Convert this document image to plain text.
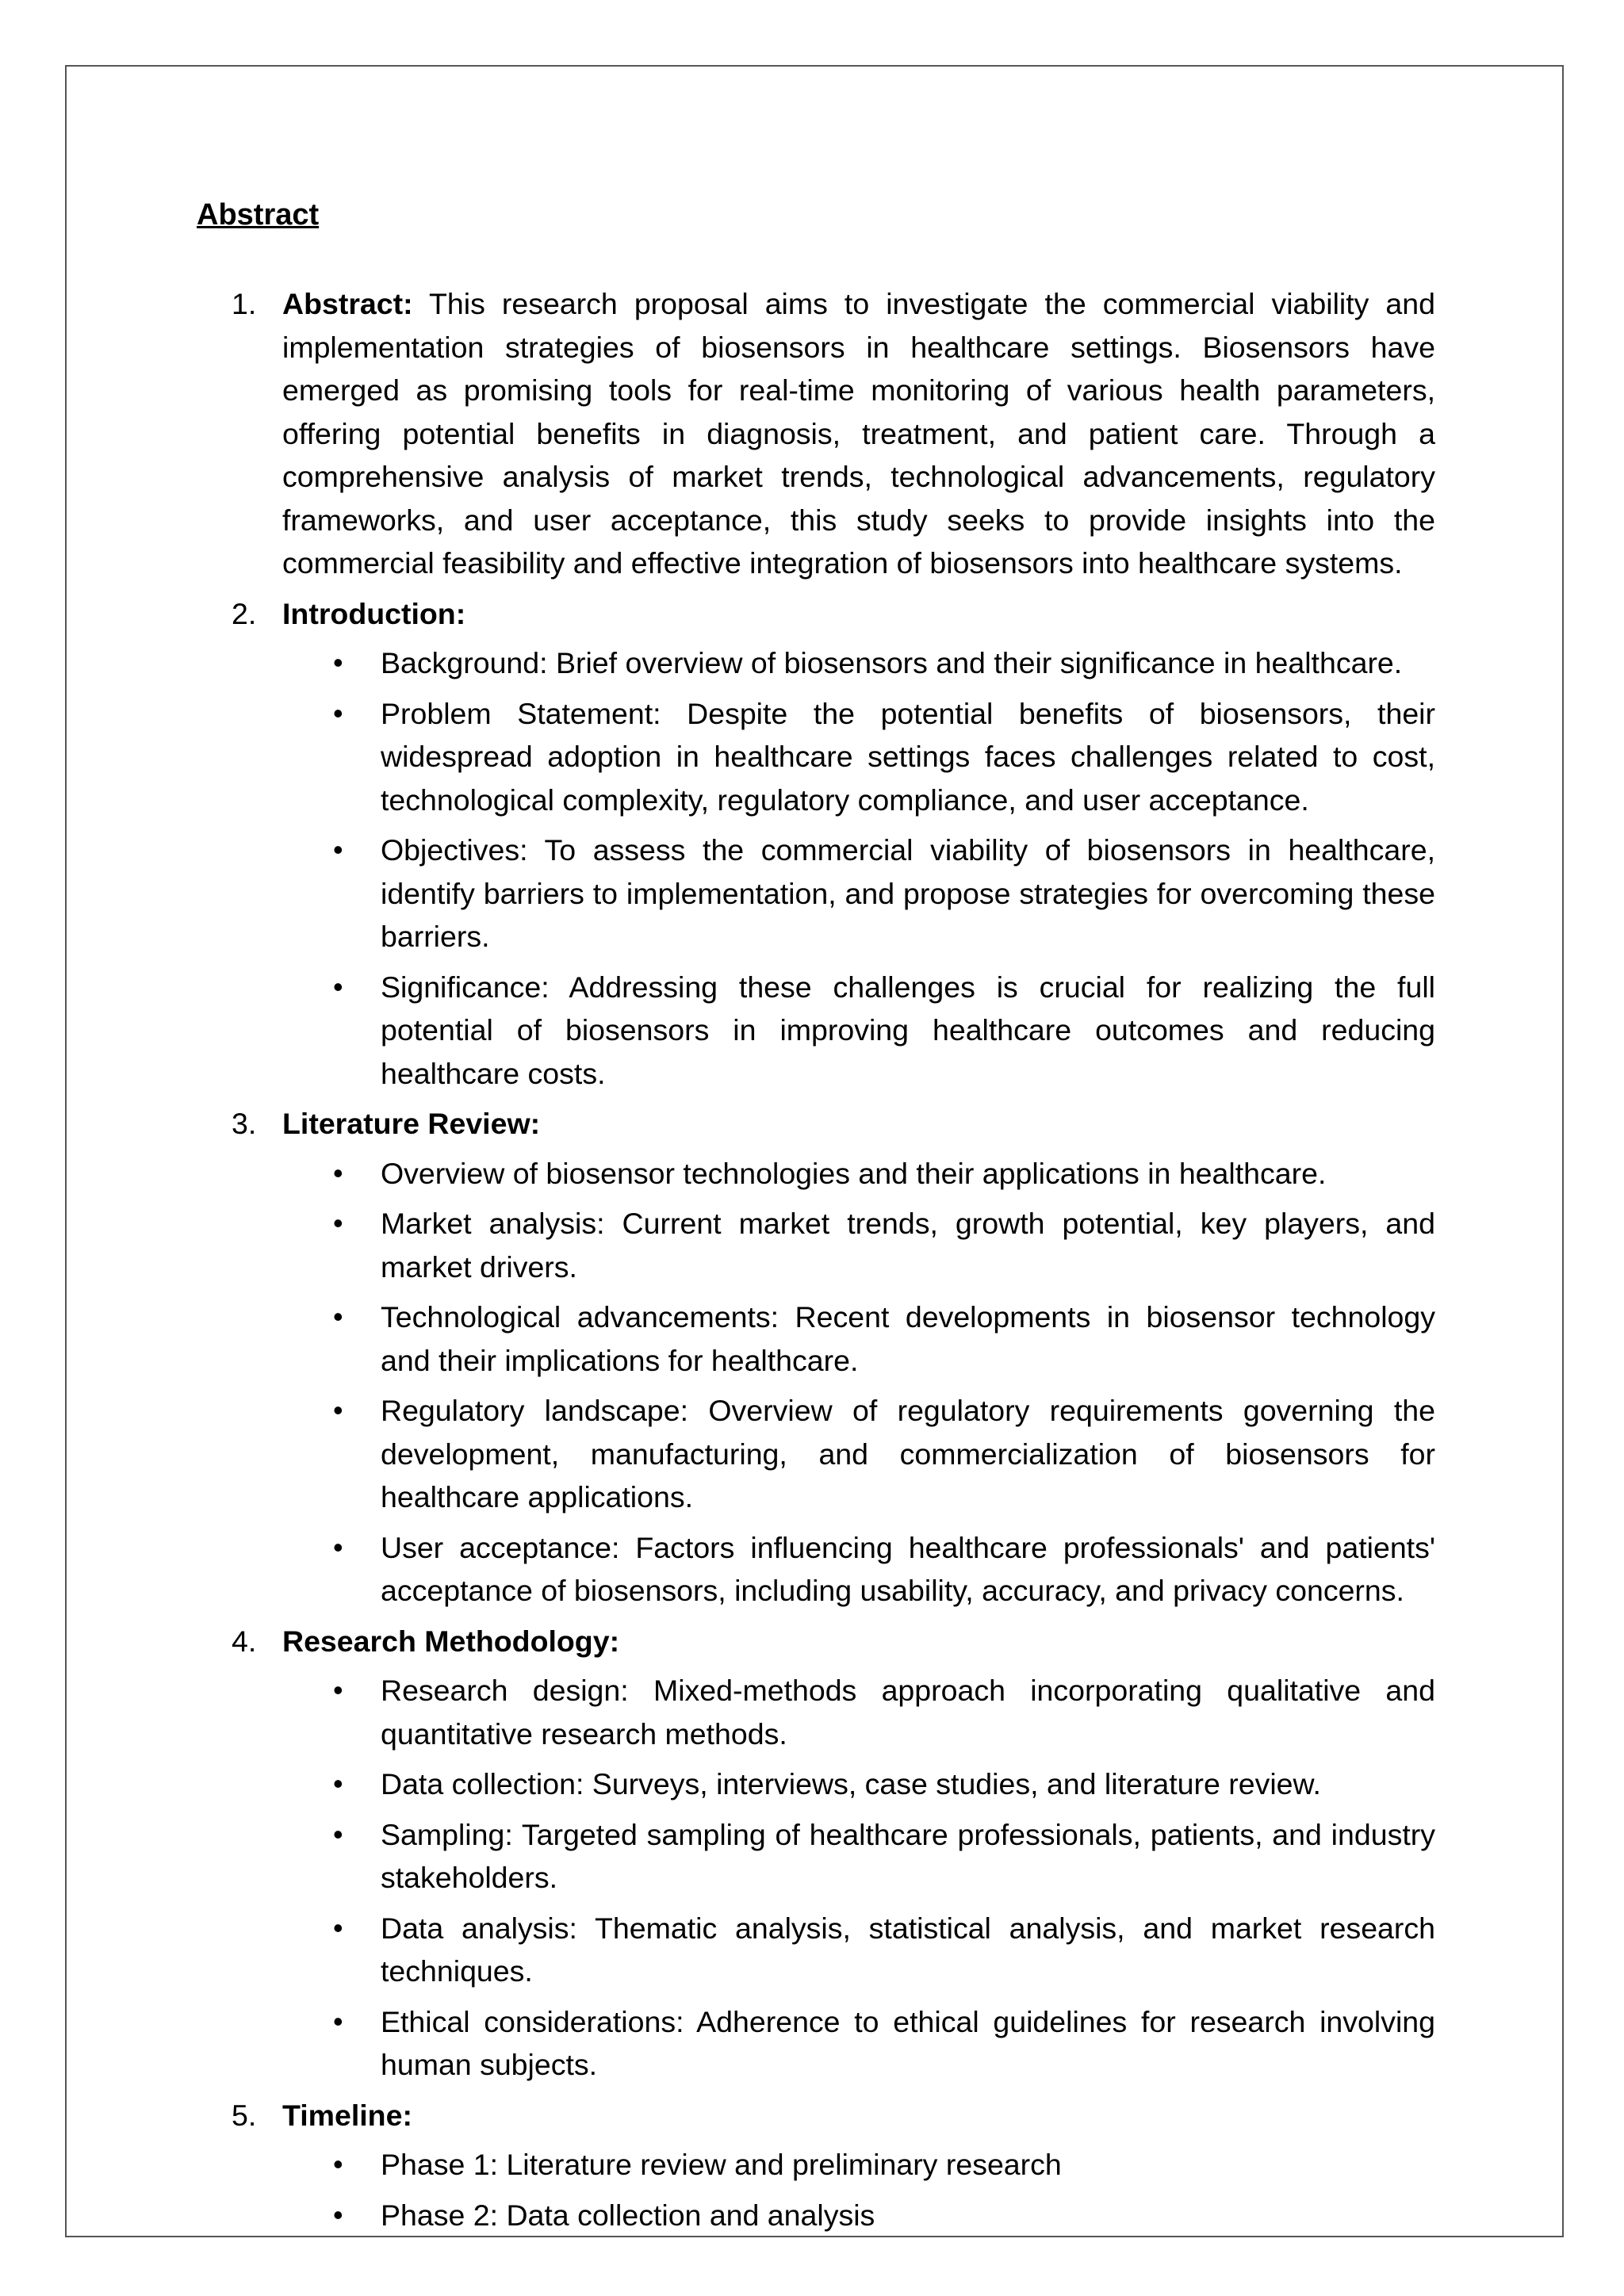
Abstract
1. Abstract: This research proposal aims to investigate the commercial viability and implementation strategies of biosensors in healthcare settings. Biosensors have emerged as promising tools for real-time monitoring of various health parameters, offering potential benefits in diagnosis, treatment, and patient care. Through a comprehensive analysis of market trends, technological advancements, regulatory frameworks, and user acceptance, this study seeks to provide insights into the commercial feasibility and effective integration of biosensors into healthcare systems.
2. Introduction:
• Background: Brief overview of biosensors and their significance in healthcare.
• Problem Statement: Despite the potential benefits of biosensors, their widespread adoption in healthcare settings faces challenges related to cost, technological complexity, regulatory compliance, and user acceptance.
• Objectives: To assess the commercial viability of biosensors in healthcare, identify barriers to implementation, and propose strategies for overcoming these barriers.
• Significance: Addressing these challenges is crucial for realizing the full potential of biosensors in improving healthcare outcomes and reducing healthcare costs.
3. Literature Review:
• Overview of biosensor technologies and their applications in healthcare.
• Market analysis: Current market trends, growth potential, key players, and market drivers.
• Technological advancements: Recent developments in biosensor technology and their implications for healthcare.
• Regulatory landscape: Overview of regulatory requirements governing the development, manufacturing, and commercialization of biosensors for healthcare applications.
• User acceptance: Factors influencing healthcare professionals' and patients' acceptance of biosensors, including usability, accuracy, and privacy concerns.
4. Research Methodology:
• Research design: Mixed-methods approach incorporating qualitative and quantitative research methods.
• Data collection: Surveys, interviews, case studies, and literature review.
• Sampling: Targeted sampling of healthcare professionals, patients, and industry stakeholders.
• Data analysis: Thematic analysis, statistical analysis, and market research techniques.
• Ethical considerations: Adherence to ethical guidelines for research involving human subjects.
5. Timeline:
• Phase 1: Literature review and preliminary research
• Phase 2: Data collection and analysis
